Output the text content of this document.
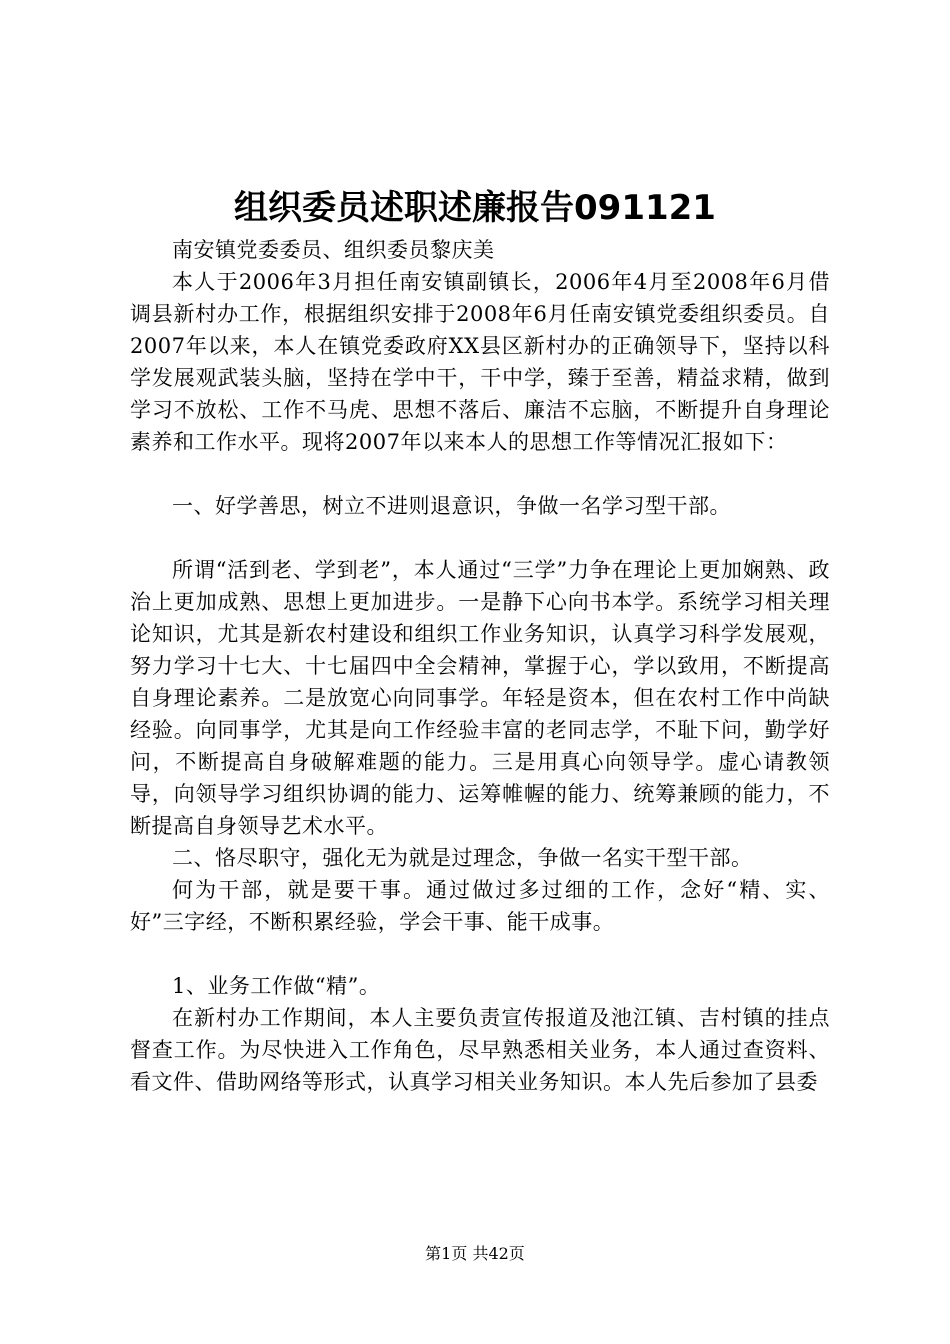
组织委员述职述廉报告091121

南安镇党委委员、组织委员黎庆美

本人于2006年3月担任南安镇副镇长，2006年4月至2008年6月借调县新村办工作，根据组织安排于2008年6月任南安镇党委组织委员。自2007年以来，本人在镇党委政府XX县区新村办的正确领导下，坚持以科学发展观武装头脑，坚持在学中干，干中学，臻于至善，精益求精，做到学习不放松、工作不马虎、思想不落后、廉洁不忘脑，不断提升自身理论素养和工作水平。现将2007年以来本人的思想工作等情况汇报如下：

一、好学善思，树立不进则退意识，争做一名学习型干部。

所谓“活到老、学到老”，本人通过“三学”力争在理论上更加娴熟、政治上更加成熟、思想上更加进步。一是静下心向书本学。系统学习相关理论知识，尤其是新农村建设和组织工作业务知识，认真学习科学发展观，努力学习十七大、十七届四中全会精神，掌握于心，学以致用，不断提高自身理论素养。二是放宽心向同事学。年轻是资本，但在农村工作中尚缺经验。向同事学，尤其是向工作经验丰富的老同志学，不耻下问，勤学好问，不断提高自身破解难题的能力。三是用真心向领导学。虚心请教领导，向领导学习组织协调的能力、运筹帷幄的能力、统筹兼顾的能力，不断提高自身领导艺术水平。

二、恪尽职守，强化无为就是过理念，争做一名实干型干部。

何为干部，就是要干事。通过做过多过细的工作，念好“精、实、好”三字经，不断积累经验，学会干事、能干成事。

1、业务工作做“精”。

在新村办工作期间，本人主要负责宣传报道及池江镇、吉村镇的挂点督查工作。为尽快进入工作角色，尽早熟悉相关业务，本人通过查资料、看文件、借助网络等形式，认真学习相关业务知识。本人先后参加了县委

第1页 共42页
